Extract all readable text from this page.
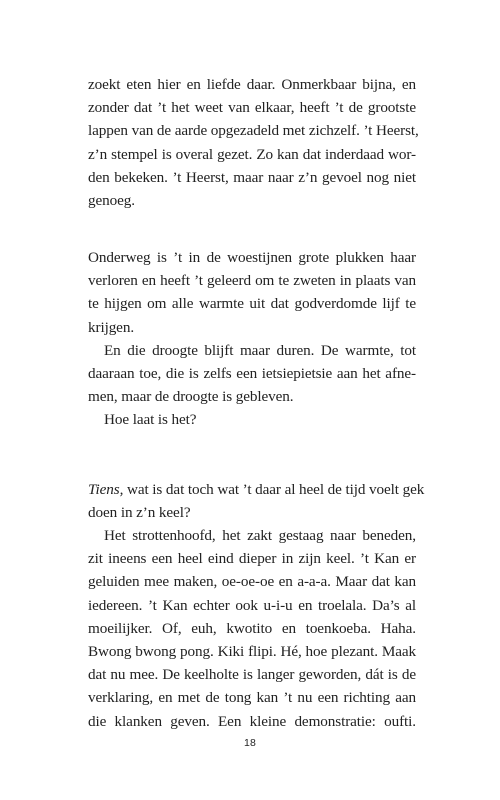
zoekt eten hier en liefde daar. Onmerkbaar bijna, en
zonder dat ’t het weet van elkaar, heeft ’t de grootste
lappen van de aarde opgezadeld met zichzelf. ’t Heerst,
z’n stempel is overal gezet. Zo kan dat inderdaad wor-
den bekeken. ’t Heerst, maar naar z’n gevoel nog niet
genoeg.
Onderweg is ’t in de woestijnen grote plukken haar
verloren en heeft ’t geleerd om te zweten in plaats van
te hijgen om alle warmte uit dat godverdomde lijf te
krijgen.
En die droogte blijft maar duren. De warmte, tot
daaraan toe, die is zelfs een ietsiepietsie aan het afne-
men, maar de droogte is gebleven.
Hoe laat is het?
Tiens, wat is dat toch wat ’t daar al heel de tijd voelt gek
doen in z’n keel?
Het strottenhoofd, het zakt gestaag naar beneden,
zit ineens een heel eind dieper in zijn keel. ’t Kan er
geluiden mee maken, oe-oe-oe en a-a-a. Maar dat kan
iedereen. ’t Kan echter ook u-i-u en troelala. Da’s al
moeilijker. Of, euh, kwotito en toenkoeba. Haha.
Bwong bwong pong. Kiki flipi. Hé, hoe plezant. Maak
dat nu mee. De keelholte is langer geworden, dát is de
verklaring, en met de tong kan ’t nu een richting aan
die klanken geven. Een kleine demonstratie: oufti.
18
